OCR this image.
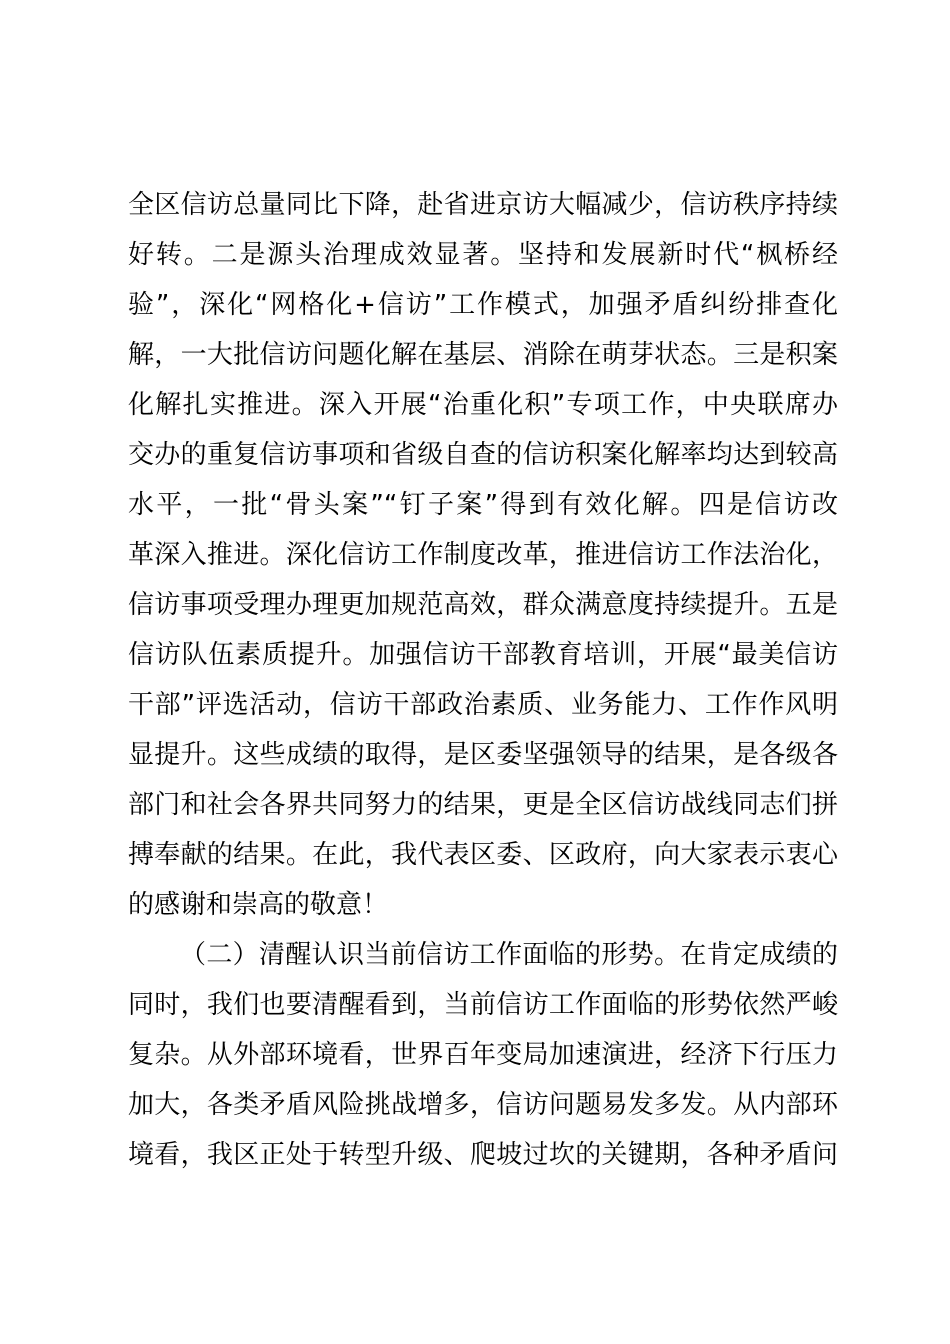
全区信访总量同比下降，赴省进京访大幅减少，信访秩序持续
好转。二是源头治理成效显著。坚持和发展新时代“枫桥经
验”，深化“网格化+信访”工作模式，加强矛盾纠纷排查化
解，一大批信访问题化解在基层、消除在萌芽状态。三是积案
化解扎实推进。深入开展“治重化积”专项工作，中央联席办
交办的重复信访事项和省级自查的信访积案化解率均达到较高
水平，一批“骨头案”“钉子案”得到有效化解。四是信访改
革深入推进。深化信访工作制度改革，推进信访工作法治化，
信访事项受理办理更加规范高效，群众满意度持续提升。五是
信访队伍素质提升。加强信访干部教育培训，开展“最美信访
干部”评选活动，信访干部政治素质、业务能力、工作作风明
显提升。这些成绩的取得，是区委坚强领导的结果，是各级各
部门和社会各界共同努力的结果，更是全区信访战线同志们拼
搏奉献的结果。在此，我代表区委、区政府，向大家表示衷心
的感谢和崇高的敬意！
（二）清醒认识当前信访工作面临的形势。在肯定成绩的
同时，我们也要清醒看到，当前信访工作面临的形势依然严峻
复杂。从外部环境看，世界百年变局加速演进，经济下行压力
加大，各类矛盾风险挑战增多，信访问题易发多发。从内部环
境看，我区正处于转型升级、爬坡过坎的关键期，各种矛盾问
